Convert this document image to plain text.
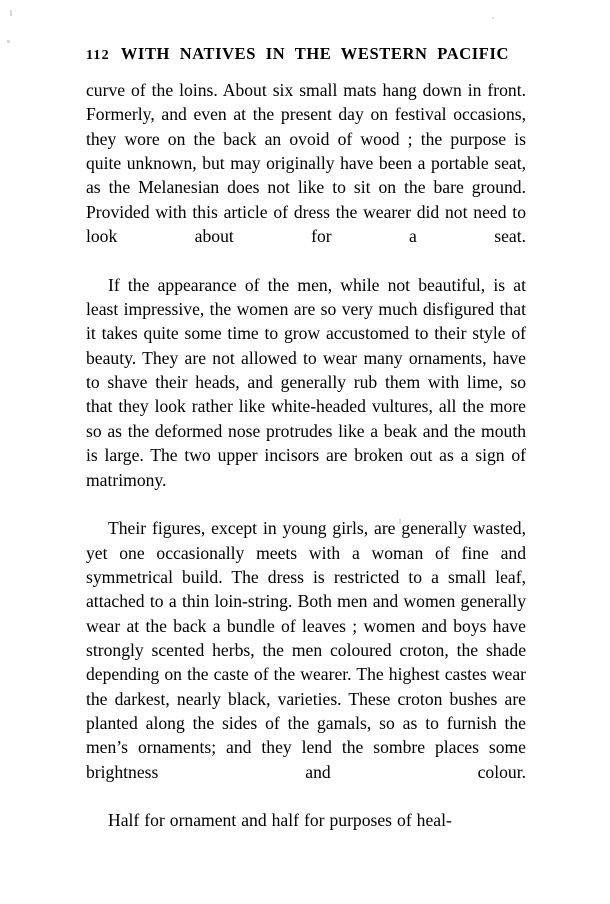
112 WITH NATIVES IN THE WESTERN PACIFIC

curve of the loins. About six small mats hang down in front. Formerly, and even at the present day on festival occasions, they wore on the back an ovoid of wood ; the purpose is quite unknown, but may originally have been a portable seat, as the Melanesian does not like to sit on the bare ground. Provided with this article of dress the wearer did not need to look about for a seat.

If the appearance of the men, while not beautiful, is at least impressive, the women are so very much disfigured that it takes quite some time to grow accustomed to their style of beauty. They are not allowed to wear many ornaments, have to shave their heads, and generally rub them with lime, so that they look rather like white-headed vultures, all the more so as the deformed nose protrudes like a beak and the mouth is large. The two upper incisors are broken out as a sign of matrimony.

Their figures, except in young girls, are generally wasted, yet one occasionally meets with a woman of fine and symmetrical build. The dress is restricted to a small leaf, attached to a thin loin-string. Both men and women generally wear at the back a bundle of leaves ; women and boys have strongly scented herbs, the men coloured croton, the shade depending on the caste of the wearer. The highest castes wear the darkest, nearly black, varieties. These croton bushes are planted along the sides of the gamals, so as to furnish the men’s ornaments; and they lend the sombre places some brightness and colour.

Half for ornament and half for purposes of heal-
